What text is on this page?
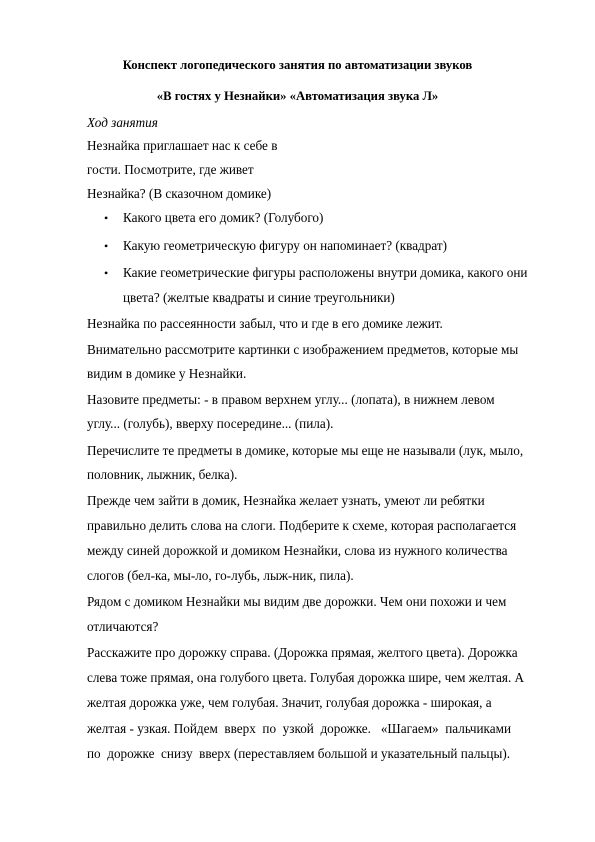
Конспект логопедического занятия по автоматизации звуков
«В гостях у Незнайки» «Автоматизация звука Л»
Ход занятия
Незнайка приглашает нас к себе в
гости. Посмотрите, где живет
Незнайка? (В сказочном домике)
• Какого цвета его домик? (Голубого)
• Какую геометрическую фигуру он напоминает? (квадрат)
• Какие геометрические фигуры расположены внутри домика, какого они
цвета? (желтые квадраты и синие треугольники)
Незнайка по рассеянности забыл, что и где в его домике лежит.
Внимательно рассмотрите картинки с изображением предметов, которые мы
видим в домике у Незнайки.
Назовите предметы: - в правом верхнем углу... (лопата), в нижнем левом
углу... (голубь), вверху посередине... (пила).
Перечислите те предметы в домике, которые мы еще не называли (лук, мыло,
половник, лыжник, белка).
Прежде чем зайти в домик, Незнайка желает узнать, умеют ли ребятки
правильно делить слова на слоги. Подберите к схеме, которая располагается
между синей дорожкой и домиком Незнайки, слова из нужного количества
слогов (бел-ка, мы-ло, го-лубь, лыж-ник, пила).
Рядом с домиком Незнайки мы видим две дорожки. Чем они похожи и чем
отличаются?
Расскажите про дорожку справа. (Дорожка прямая, желтого цвета). Дорожка
слева тоже прямая, она голубого цвета. Голубая дорожка шире, чем желтая. А
желтая дорожка уже, чем голубая. Значит, голубая дорожка - широкая, а
желтая - узкая. Пойдем  вверх  по  узкой  дорожке.   «Шагаем»  пальчиками
по  дорожке  снизу  вверх (переставляем большой и указательный пальцы).
